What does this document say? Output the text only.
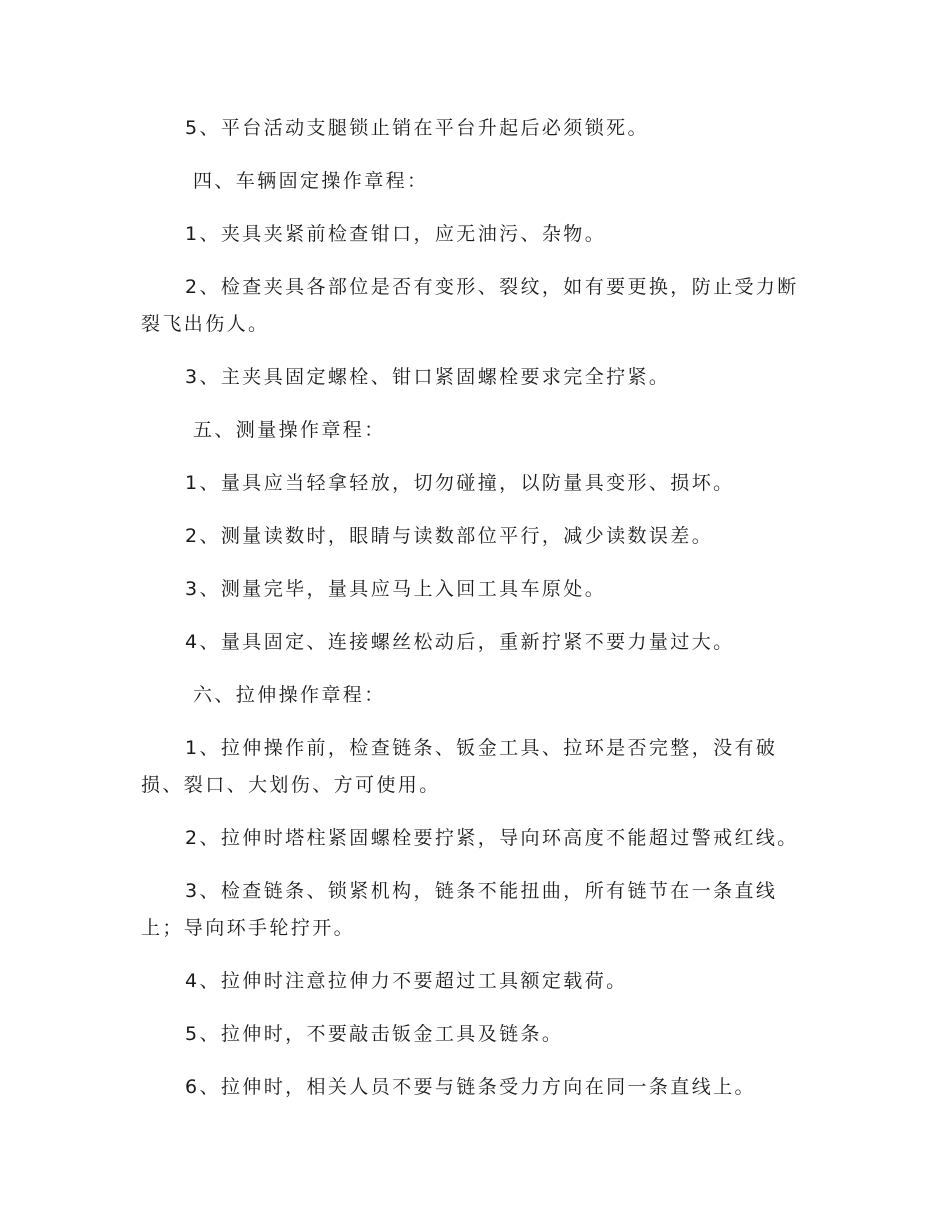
5、平台活动支腿锁止销在平台升起后必须锁死。

四、车辆固定操作章程：

1、夹具夹紧前检查钳口，应无油污、杂物。

2、检查夹具各部位是否有变形、裂纹，如有要更换，防止受力断裂飞出伤人。

3、主夹具固定螺栓、钳口紧固螺栓要求完全拧紧。

五、测量操作章程：

1、量具应当轻拿轻放，切勿碰撞，以防量具变形、损坏。

2、测量读数时，眼睛与读数部位平行，减少读数误差。

3、测量完毕，量具应马上入回工具车原处。

4、量具固定、连接螺丝松动后，重新拧紧不要力量过大。

六、拉伸操作章程：

1、拉伸操作前，检查链条、钣金工具、拉环是否完整，没有破损、裂口、大划伤、方可使用。

2、拉伸时塔柱紧固螺栓要拧紧，导向环高度不能超过警戒红线。

3、检查链条、锁紧机构，链条不能扭曲，所有链节在一条直线上；导向环手轮拧开。

4、拉伸时注意拉伸力不要超过工具额定载荷。

5、拉伸时，不要敲击钣金工具及链条。

6、拉伸时，相关人员不要与链条受力方向在同一条直线上。
